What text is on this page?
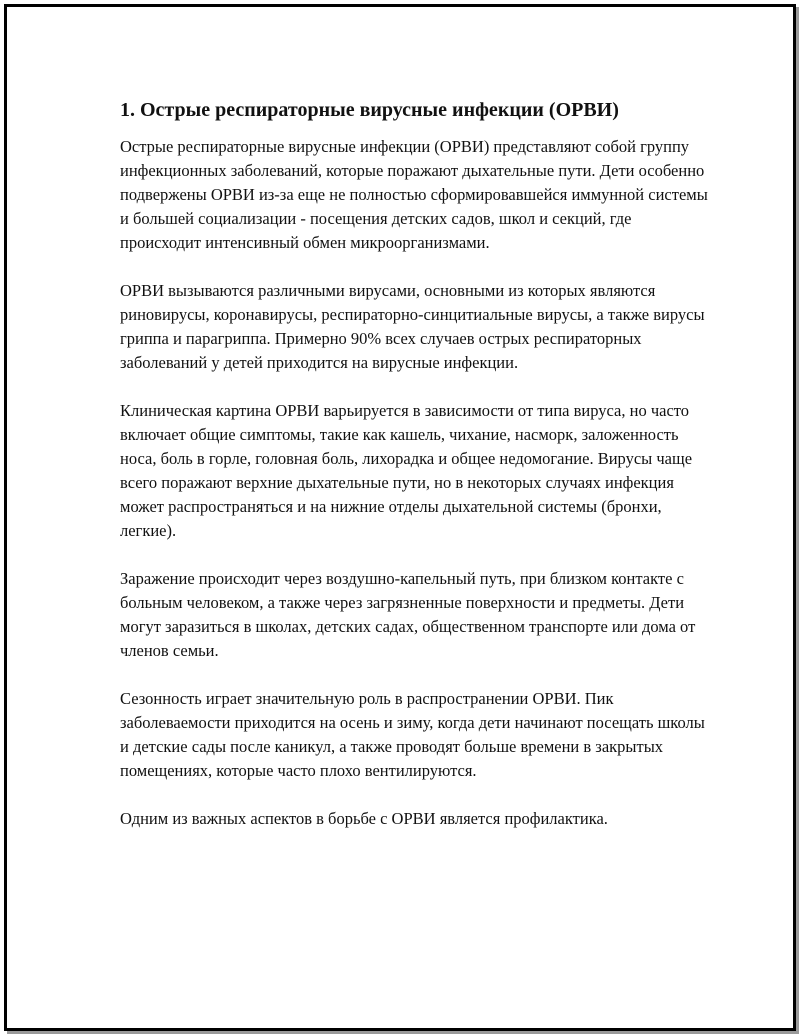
1. Острые респираторные вирусные инфекции (ОРВИ)

Острые респираторные вирусные инфекции (ОРВИ) представляют собой группу инфекционных заболеваний, которые поражают дыхательные пути. Дети особенно подвержены ОРВИ из-за еще не полностью сформировавшейся иммунной системы и большей социализации - посещения детских садов, школ и секций, где происходит интенсивный обмен микроорганизмами.

ОРВИ вызываются различными вирусами, основными из которых являются риновирусы, коронавирусы, респираторно-синцитиальные вирусы, а также вирусы гриппа и парагриппа. Примерно 90% всех случаев острых респираторных заболеваний у детей приходится на вирусные инфекции.

Клиническая картина ОРВИ варьируется в зависимости от типа вируса, но часто включает общие симптомы, такие как кашель, чихание, насморк, заложенность носа, боль в горле, головная боль, лихорадка и общее недомогание. Вирусы чаще всего поражают верхние дыхательные пути, но в некоторых случаях инфекция может распространяться и на нижние отделы дыхательной системы (бронхи, легкие).

Заражение происходит через воздушно-капельный путь, при близком контакте с больным человеком, а также через загрязненные поверхности и предметы. Дети могут заразиться в школах, детских садах, общественном транспорте или дома от членов семьи.

Сезонность играет значительную роль в распространении ОРВИ. Пик заболеваемости приходится на осень и зиму, когда дети начинают посещать школы и детские сады после каникул, а также проводят больше времени в закрытых помещениях, которые часто плохо вентилируются.

Одним из важных аспектов в борьбе с ОРВИ является профилактика.
